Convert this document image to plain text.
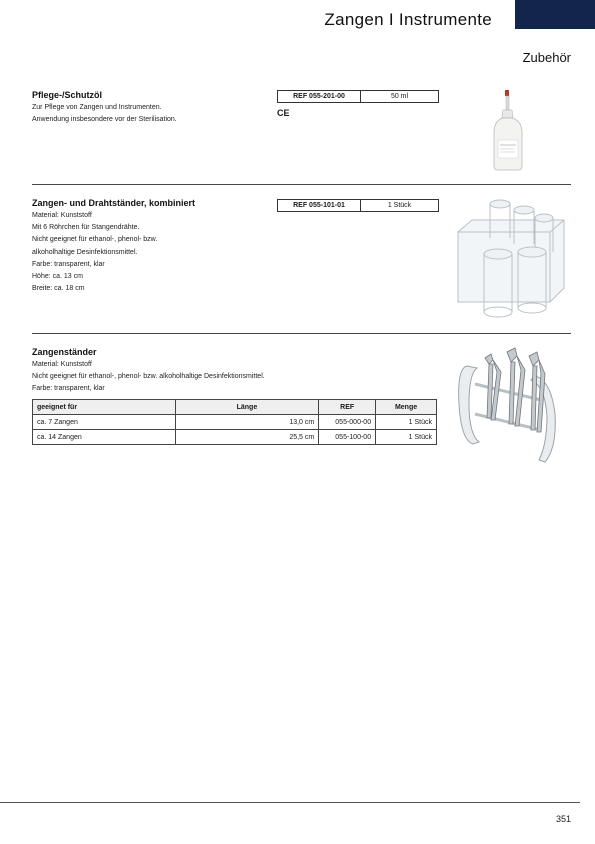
Zangen I Instrumente
Zubehör
Pflege-/Schutzöl
Zur Pflege von Zangen und Instrumenten.
Anwendung insbesondere vor der Sterilisation.
REF 055-201-00	50 ml
CE
Zangen- und Drahtständer, kombiniert
Material: Kunststoff
Mit 6 Röhrchen für Stangendrähte.
Nicht geeignet für ethanol-, phenol- bzw.
alkoholhaltige Desinfektionsmittel.
Farbe: transparent, klar
Höhe: ca. 13 cm
Breite: ca. 18 cm
REF 055-101-01	1 Stück
Zangenständer
Material: Kunststoff
Nicht geeignet für ethanol-, phenol- bzw. alkoholhaltige Desinfektionsmittel.
Farbe: transparent, klar
geeignet für	Länge	REF	Menge
ca. 7 Zangen	13,0 cm	055-000-00	1 Stück
ca. 14 Zangen	25,5 cm	055-100-00	1 Stück
351
